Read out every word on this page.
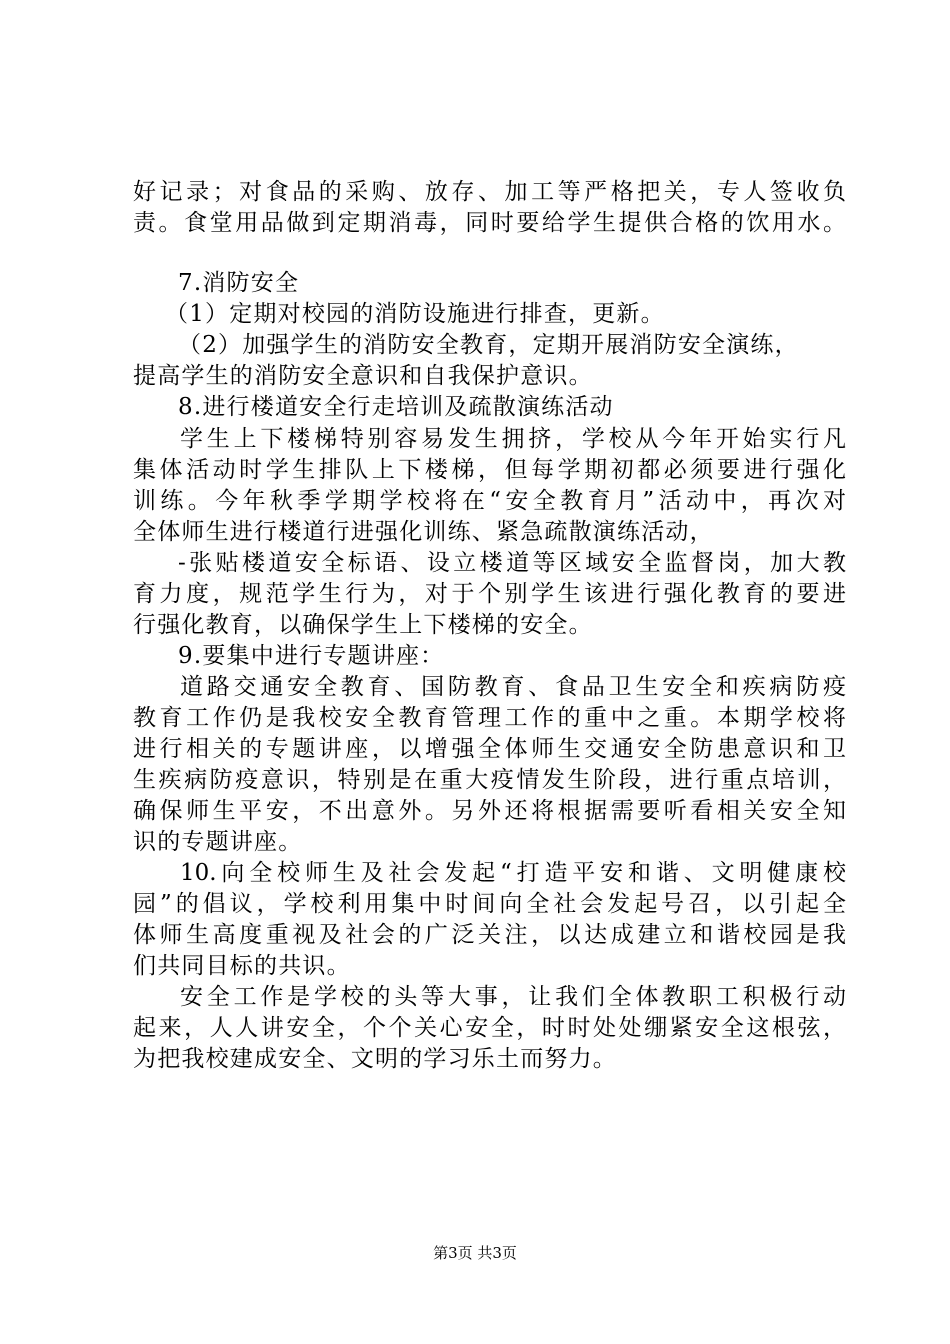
好记录；对食品的采购、放存、加工等严格把关，专人签收负
责。食堂用品做到定期消毒，同时要给学生提供合格的饮用水。
7.消防安全
（1）定期对校园的消防设施进行排查，更新。
（2）加强学生的消防安全教育，定期开展消防安全演练，
提高学生的消防安全意识和自我保护意识。
8.进行楼道安全行走培训及疏散演练活动
学生上下楼梯特别容易发生拥挤，学校从今年开始实行凡
集体活动时学生排队上下楼梯，但每学期初都必须要进行强化
训练。今年秋季学期学校将在“安全教育月”活动中，再次对
全体师生进行楼道行进强化训练、紧急疏散演练活动，
-张贴楼道安全标语、设立楼道等区域安全监督岗，加大教
育力度，规范学生行为，对于个别学生该进行强化教育的要进
行强化教育，以确保学生上下楼梯的安全。
9.要集中进行专题讲座：
道路交通安全教育、国防教育、食品卫生安全和疾病防疫
教育工作仍是我校安全教育管理工作的重中之重。本期学校将
进行相关的专题讲座，以增强全体师生交通安全防患意识和卫
生疾病防疫意识，特别是在重大疫情发生阶段，进行重点培训，
确保师生平安，不出意外。另外还将根据需要听看相关安全知
识的专题讲座。
10.向全校师生及社会发起“打造平安和谐、文明健康校
园”的倡议，学校利用集中时间向全社会发起号召，以引起全
体师生高度重视及社会的广泛关注，以达成建立和谐校园是我
们共同目标的共识。
安全工作是学校的头等大事，让我们全体教职工积极行动
起来，人人讲安全，个个关心安全，时时处处绷紧安全这根弦，
为把我校建成安全、文明的学习乐土而努力。
第3页 共3页
